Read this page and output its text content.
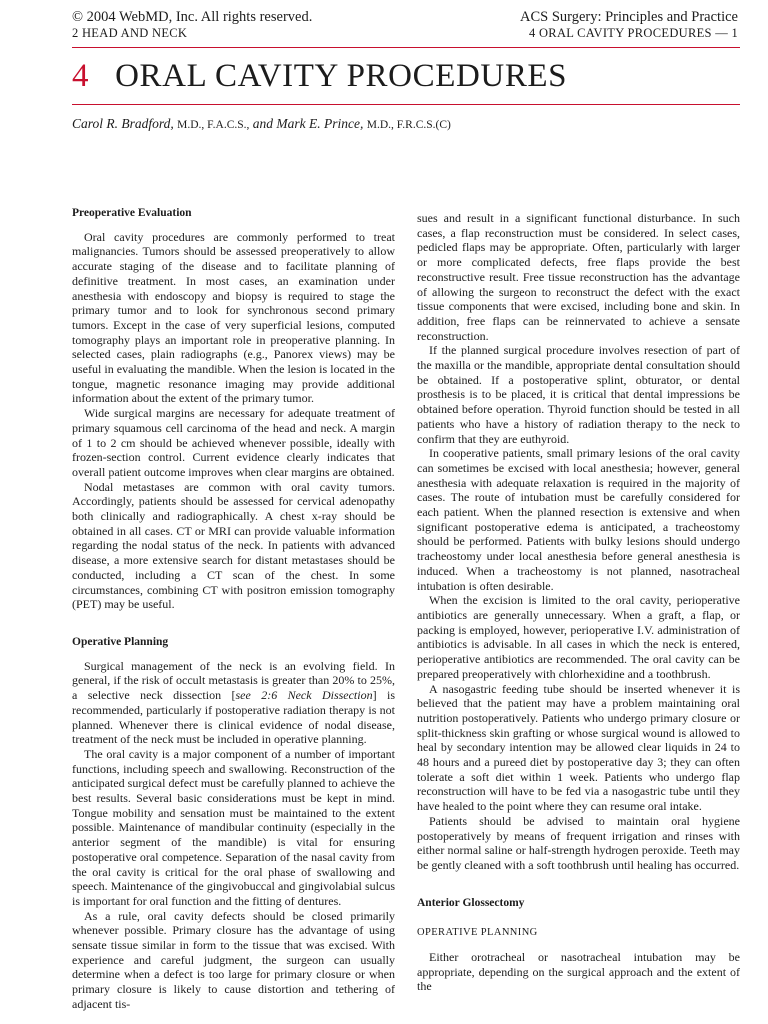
© 2004 WebMD, Inc. All rights reserved.
2 HEAD AND NECK
ACS Surgery: Principles and Practice
4 ORAL CAVITY PROCEDURES — 1
4 ORAL CAVITY PROCEDURES
Carol R. Bradford, M.D., F.A.C.S., and Mark E. Prince, M.D., F.R.C.S.(C)
Preoperative Evaluation

Oral cavity procedures are commonly performed to treat malignancies. Tumors should be assessed preoperatively to allow accurate staging of the disease and to facilitate planning of definitive treatment. In most cases, an examination under anesthesia with endoscopy and biopsy is required to stage the primary tumor and to look for synchronous second primary tumors. Except in the case of very superficial lesions, computed tomography plays an important role in preoperative planning. In selected cases, plain radiographs (e.g., Panorex views) may be useful in evaluating the mandible. When the lesion is located in the tongue, magnetic resonance imaging may provide additional information about the extent of the primary tumor.

Wide surgical margins are necessary for adequate treatment of primary squamous cell carcinoma of the head and neck. A margin of 1 to 2 cm should be achieved whenever possible, ideally with frozen-section control. Current evidence clearly indicates that overall patient outcome improves when clear margins are obtained.

Nodal metastases are common with oral cavity tumors. Accordingly, patients should be assessed for cervical adenopathy both clinically and radiographically. A chest x-ray should be obtained in all cases. CT or MRI can provide valuable information regarding the nodal status of the neck. In patients with advanced disease, a more extensive search for distant metastases should be conducted, including a CT scan of the chest. In some circumstances, combining CT with positron emission tomography (PET) may be useful.

Operative Planning

Surgical management of the neck is an evolving field. In general, if the risk of occult metastasis is greater than 20% to 25%, a selective neck dissection [see 2:6 Neck Dissection] is recommended, particularly if postoperative radiation therapy is not planned. Whenever there is clinical evidence of nodal disease, treatment of the neck must be included in operative planning.

The oral cavity is a major component of a number of important functions, including speech and swallowing. Reconstruction of the anticipated surgical defect must be carefully planned to achieve the best results. Several basic considerations must be kept in mind. Tongue mobility and sensation must be maintained to the extent possible. Maintenance of mandibular continuity (especially in the anterior segment of the mandible) is vital for ensuring postoperative oral competence. Separation of the nasal cavity from the oral cavity is critical for the oral phase of swallowing and speech. Maintenance of the gingivobuccal and gingivolabial sulcus is important for oral function and the fitting of dentures.

As a rule, oral cavity defects should be closed primarily whenever possible. Primary closure has the advantage of using sensate tissue similar in form to the tissue that was excised. With experience and careful judgment, the surgeon can usually determine when a defect is too large for primary closure or when primary closure is likely to cause distortion and tethering of adjacent tis-

sues and result in a significant functional disturbance. In such cases, a flap reconstruction must be considered. In select cases, pedicled flaps may be appropriate. Often, particularly with larger or more complicated defects, free flaps provide the best reconstructive result. Free tissue reconstruction has the advantage of allowing the surgeon to reconstruct the defect with the exact tissue components that were excised, including bone and skin. In addition, free flaps can be reinnervated to achieve a sensate reconstruction.

If the planned surgical procedure involves resection of part of the maxilla or the mandible, appropriate dental consultation should be obtained. If a postoperative splint, obturator, or dental prosthesis is to be placed, it is critical that dental impressions be obtained before operation. Thyroid function should be tested in all patients who have a history of radiation therapy to the neck to confirm that they are euthyroid.

In cooperative patients, small primary lesions of the oral cavity can sometimes be excised with local anesthesia; however, general anesthesia with adequate relaxation is required in the majority of cases. The route of intubation must be carefully considered for each patient. When the planned resection is extensive and when significant postoperative edema is anticipated, a tracheostomy should be performed. Patients with bulky lesions should undergo tracheostomy under local anesthesia before general anesthesia is induced. When a tracheostomy is not planned, nasotracheal intubation is often desirable.

When the excision is limited to the oral cavity, perioperative antibiotics are generally unnecessary. When a graft, a flap, or packing is employed, however, perioperative I.V. administration of antibiotics is advisable. In all cases in which the neck is entered, perioperative antibiotics are recommended. The oral cavity can be prepared preoperatively with chlorhexidine and a toothbrush.

A nasogastric feeding tube should be inserted whenever it is believed that the patient may have a problem maintaining oral nutrition postoperatively. Patients who undergo primary closure or split-thickness skin grafting or whose surgical wound is allowed to heal by secondary intention may be allowed clear liquids in 24 to 48 hours and a pureed diet by postoperative day 3; they can often tolerate a soft diet within 1 week. Patients who undergo flap reconstruction will have to be fed via a nasogastric tube until they have healed to the point where they can resume oral intake.

Patients should be advised to maintain oral hygiene postoperatively by means of frequent irrigation and rinses with either normal saline or half-strength hydrogen peroxide. Teeth may be gently cleaned with a soft toothbrush until healing has occurred.

Anterior Glossectomy
OPERATIVE PLANNING

Either orotracheal or nasotracheal intubation may be appropriate, depending on the surgical approach and the extent of the
